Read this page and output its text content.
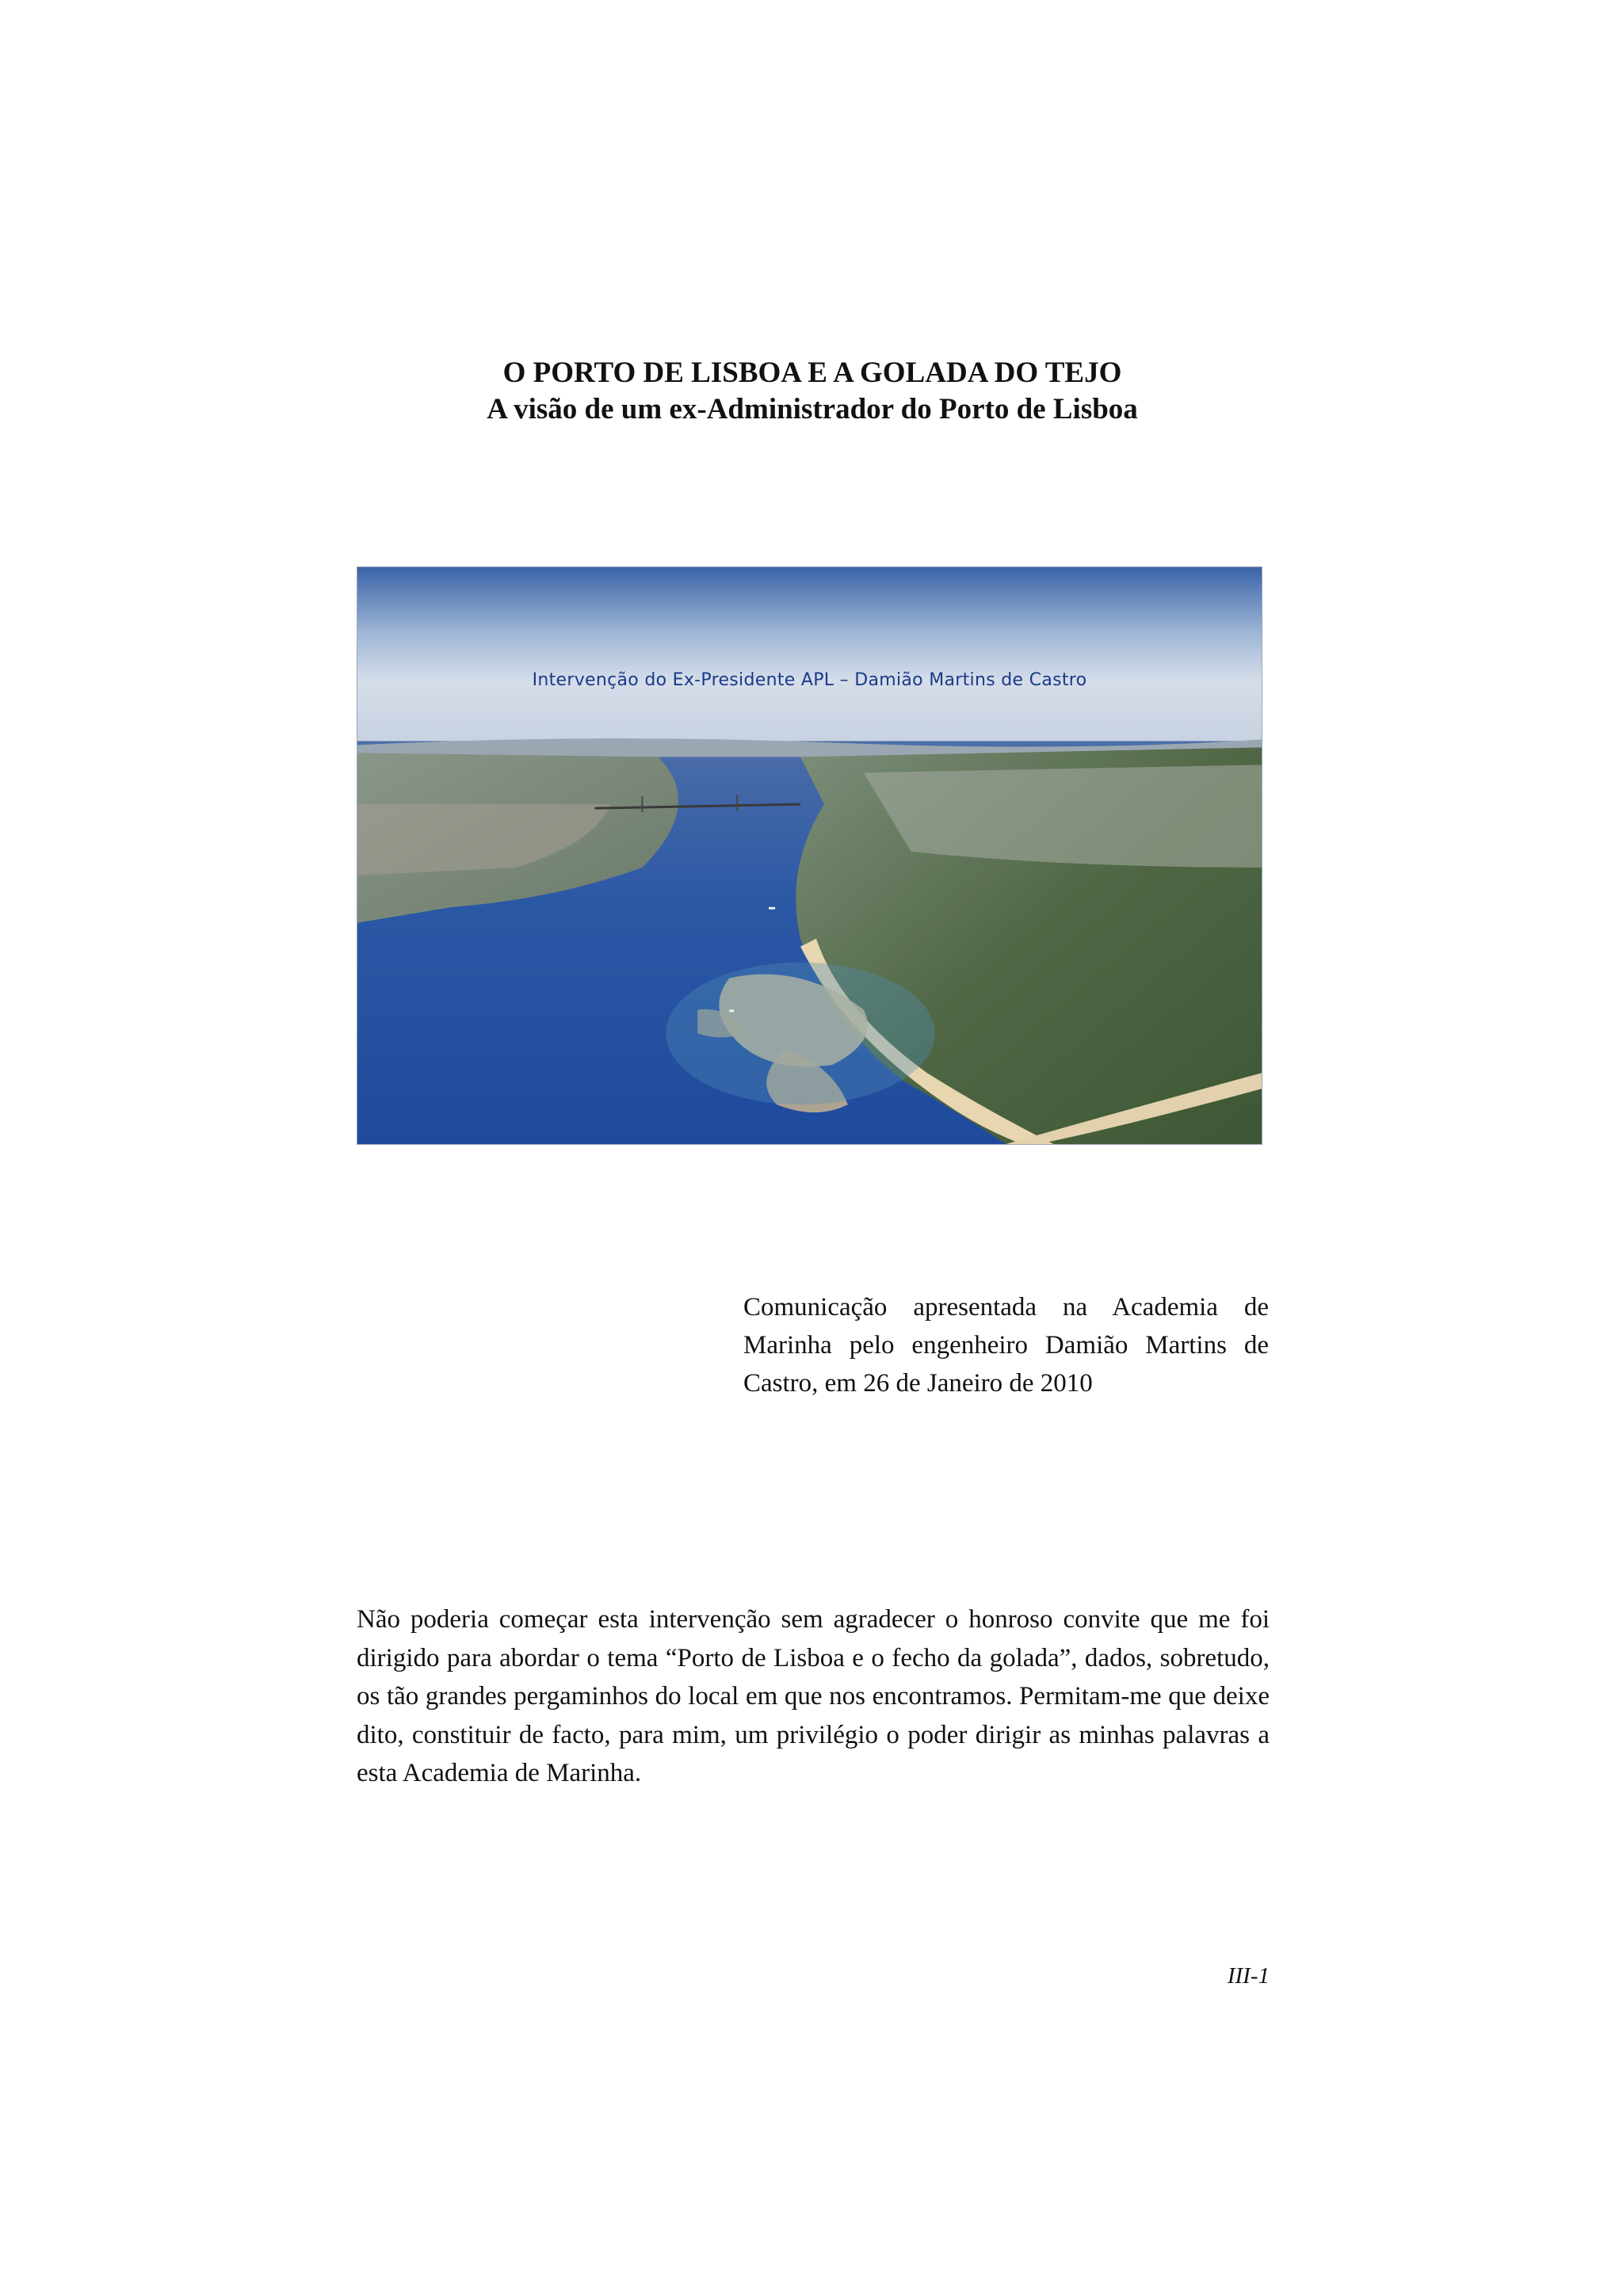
O PORTO DE LISBOA E A GOLADA DO TEJO
A visão de um ex-Administrador do Porto de Lisboa
Intervenção do Ex-Presidente APL – Damião Martins de Castro
Comunicação apresentada na Academia de Marinha pelo engenheiro Damião Martins de Castro, em 26 de Janeiro de 2010
Não poderia começar esta intervenção sem agradecer o honroso convite que me foi dirigido para abordar o tema “Porto de Lisboa e o fecho da golada”, dados, sobretudo, os tão grandes pergaminhos do local em que nos encontramos. Permitam-me que deixe dito, constituir de facto, para mim, um privilégio o poder dirigir as minhas palavras a esta Academia de Marinha.
III-1
